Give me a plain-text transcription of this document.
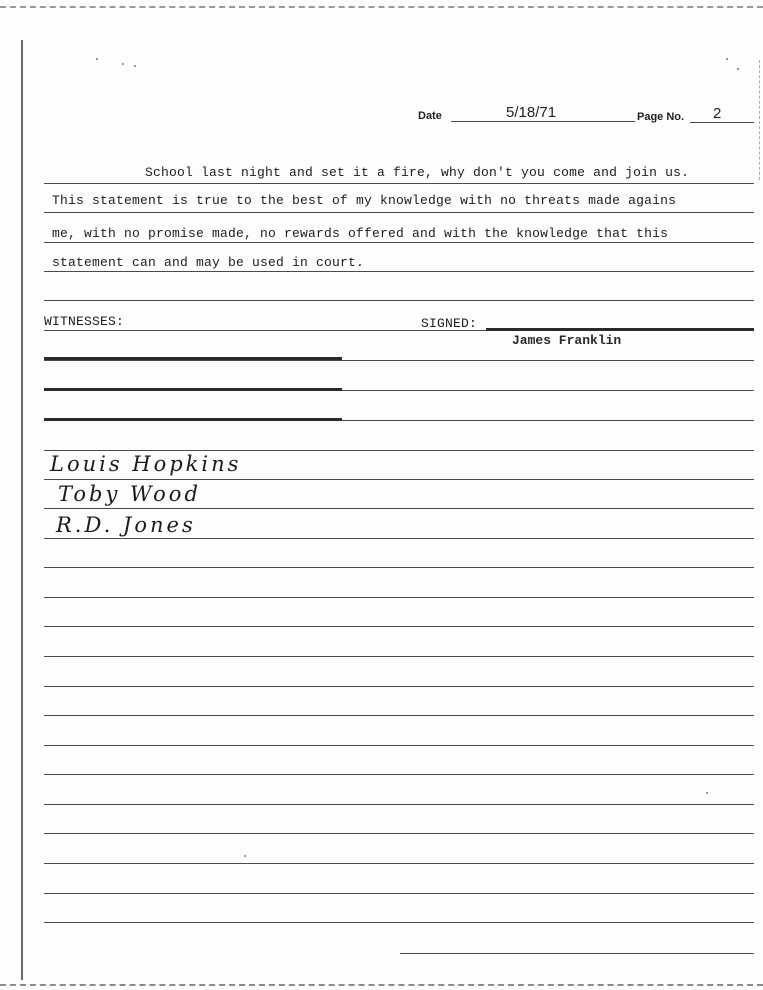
Date	5/18/71	Page No. 2
School last night and set it a fire, why don't you come and join us.
This statement is true to the best of my knowledge with no threats made agains
me, with no promise made, no rewards offered and with the knowledge that this
statement can and may be used in court.
WITNESSES:	SIGNED:
James Franklin
Louis Hopkins
Toby Wood
R.D. Jones
